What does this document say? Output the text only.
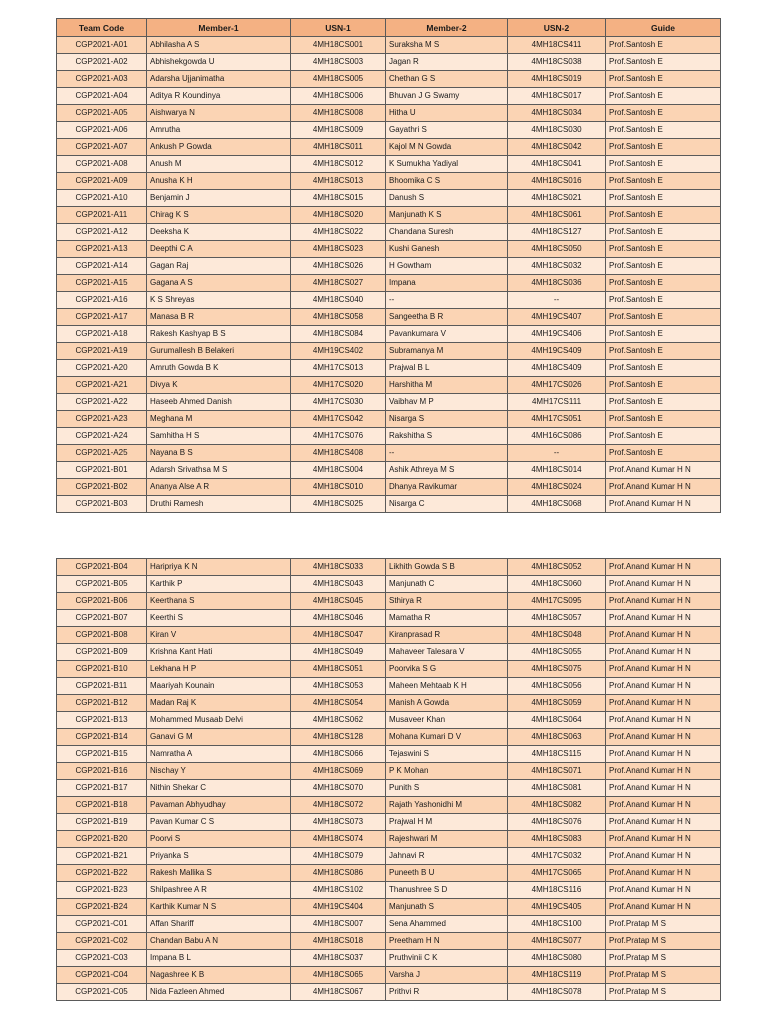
Team Code	Member-1	USN-1	Member-2	USN-2	Guide
CGP2021-A01	Abhilasha A S	4MH18CS001	Suraksha M S	4MH18CS411	Prof.Santosh E
CGP2021-A02	Abhishekgowda U	4MH18CS003	Jagan R	4MH18CS038	Prof.Santosh E
CGP2021-A03	Adarsha Ujjanimatha	4MH18CS005	Chethan G S	4MH18CS019	Prof.Santosh E
CGP2021-A04	Aditya R Koundinya	4MH18CS006	Bhuvan J G Swamy	4MH18CS017	Prof.Santosh E
CGP2021-A05	Aishwarya N	4MH18CS008	Hitha U	4MH18CS034	Prof.Santosh E
CGP2021-A06	Amrutha	4MH18CS009	Gayathri S	4MH18CS030	Prof.Santosh E
CGP2021-A07	Ankush P Gowda	4MH18CS011	Kajol M N Gowda	4MH18CS042	Prof.Santosh E
CGP2021-A08	Anush M	4MH18CS012	K Sumukha Yadiyal	4MH18CS041	Prof.Santosh E
CGP2021-A09	Anusha K H	4MH18CS013	Bhoomika C S	4MH18CS016	Prof.Santosh E
CGP2021-A10	Benjamin J	4MH18CS015	Danush S	4MH18CS021	Prof.Santosh E
CGP2021-A11	Chirag K S	4MH18CS020	Manjunath K S	4MH18CS061	Prof.Santosh E
CGP2021-A12	Deeksha K	4MH18CS022	Chandana Suresh	4MH18CS127	Prof.Santosh E
CGP2021-A13	Deepthi C A	4MH18CS023	Kushi Ganesh	4MH18CS050	Prof.Santosh E
CGP2021-A14	Gagan Raj	4MH18CS026	H Gowtham	4MH18CS032	Prof.Santosh E
CGP2021-A15	Gagana A S	4MH18CS027	Impana	4MH18CS036	Prof.Santosh E
CGP2021-A16	K S Shreyas	4MH18CS040	--	--	Prof.Santosh E
CGP2021-A17	Manasa B R	4MH18CS058	Sangeetha B R	4MH19CS407	Prof.Santosh E
CGP2021-A18	Rakesh Kashyap B S	4MH18CS084	Pavankumara V	4MH19CS406	Prof.Santosh E
CGP2021-A19	Gurumallesh B Belakeri	4MH19CS402	Subramanya M	4MH19CS409	Prof.Santosh E
CGP2021-A20	Amruth Gowda B K	4MH17CS013	Prajwal B L	4MH18CS409	Prof.Santosh E
CGP2021-A21	Divya K	4MH17CS020	Harshitha M	4MH17CS026	Prof.Santosh E
CGP2021-A22	Haseeb Ahmed Danish	4MH17CS030	Vaibhav M P	4MH17CS111	Prof.Santosh E
CGP2021-A23	Meghana M	4MH17CS042	Nisarga S	4MH17CS051	Prof.Santosh E
CGP2021-A24	Samhitha H S	4MH17CS076	Rakshitha S	4MH16CS086	Prof.Santosh E
CGP2021-A25	Nayana B S	4MH18CS408	--	--	Prof.Santosh E
CGP2021-B01	Adarsh Srivathsa M S	4MH18CS004	Ashik Athreya M S	4MH18CS014	Prof.Anand Kumar H N
CGP2021-B02	Ananya Alse A R	4MH18CS010	Dhanya Ravikumar	4MH18CS024	Prof.Anand Kumar H N
CGP2021-B03	Druthi Ramesh	4MH18CS025	Nisarga C	4MH18CS068	Prof.Anand Kumar H N
CGP2021-B04	Haripriya K N	4MH18CS033	Likhith Gowda S B	4MH18CS052	Prof.Anand Kumar H N
CGP2021-B05	Karthik P	4MH18CS043	Manjunath C	4MH18CS060	Prof.Anand Kumar H N
CGP2021-B06	Keerthana S	4MH18CS045	Sthirya R	4MH17CS095	Prof.Anand Kumar H N
CGP2021-B07	Keerthi S	4MH18CS046	Mamatha R	4MH18CS057	Prof.Anand Kumar H N
CGP2021-B08	Kiran V	4MH18CS047	Kiranprasad R	4MH18CS048	Prof.Anand Kumar H N
CGP2021-B09	Krishna Kant Hati	4MH18CS049	Mahaveer Talesara V	4MH18CS055	Prof.Anand Kumar H N
CGP2021-B10	Lekhana H P	4MH18CS051	Poorvika S G	4MH18CS075	Prof.Anand Kumar H N
CGP2021-B11	Maariyah Kounain	4MH18CS053	Maheen Mehtaab K H	4MH18CS056	Prof.Anand Kumar H N
CGP2021-B12	Madan Raj K	4MH18CS054	Manish A Gowda	4MH18CS059	Prof.Anand Kumar H N
CGP2021-B13	Mohammed Musaab Delvi	4MH18CS062	Musaveer Khan	4MH18CS064	Prof.Anand Kumar H N
CGP2021-B14	Ganavi G M	4MH18CS128	Mohana Kumari D V	4MH18CS063	Prof.Anand Kumar H N
CGP2021-B15	Namratha A	4MH18CS066	Tejaswini S	4MH18CS115	Prof.Anand Kumar H N
CGP2021-B16	Nischay Y	4MH18CS069	P K Mohan	4MH18CS071	Prof.Anand Kumar H N
CGP2021-B17	Nithin Shekar C	4MH18CS070	Punith S	4MH18CS081	Prof.Anand Kumar H N
CGP2021-B18	Pavaman Abhyudhay	4MH18CS072	Rajath Yashonidhi M	4MH18CS082	Prof.Anand Kumar H N
CGP2021-B19	Pavan Kumar C S	4MH18CS073	Prajwal H M	4MH18CS076	Prof.Anand Kumar H N
CGP2021-B20	Poorvi S	4MH18CS074	Rajeshwari M	4MH18CS083	Prof.Anand Kumar H N
CGP2021-B21	Priyanka S	4MH18CS079	Jahnavi R	4MH17CS032	Prof.Anand Kumar H N
CGP2021-B22	Rakesh Mallika S	4MH18CS086	Puneeth B U	4MH17CS065	Prof.Anand Kumar H N
CGP2021-B23	Shilpashree A R	4MH18CS102	Thanushree S D	4MH18CS116	Prof.Anand Kumar H N
CGP2021-B24	Karthik Kumar N S	4MH19CS404	Manjunath S	4MH19CS405	Prof.Anand Kumar H N
CGP2021-C01	Affan Shariff	4MH18CS007	Sena Ahammed	4MH18CS100	Prof.Pratap M S
CGP2021-C02	Chandan Babu A N	4MH18CS018	Preetham H N	4MH18CS077	Prof.Pratap M S
CGP2021-C03	Impana B L	4MH18CS037	Pruthvinii C K	4MH18CS080	Prof.Pratap M S
CGP2021-C04	Nagashree K B	4MH18CS065	Varsha J	4MH18CS119	Prof.Pratap M S
CGP2021-C05	Nida Fazleen Ahmed	4MH18CS067	Prithvi R	4MH18CS078	Prof.Pratap M S
